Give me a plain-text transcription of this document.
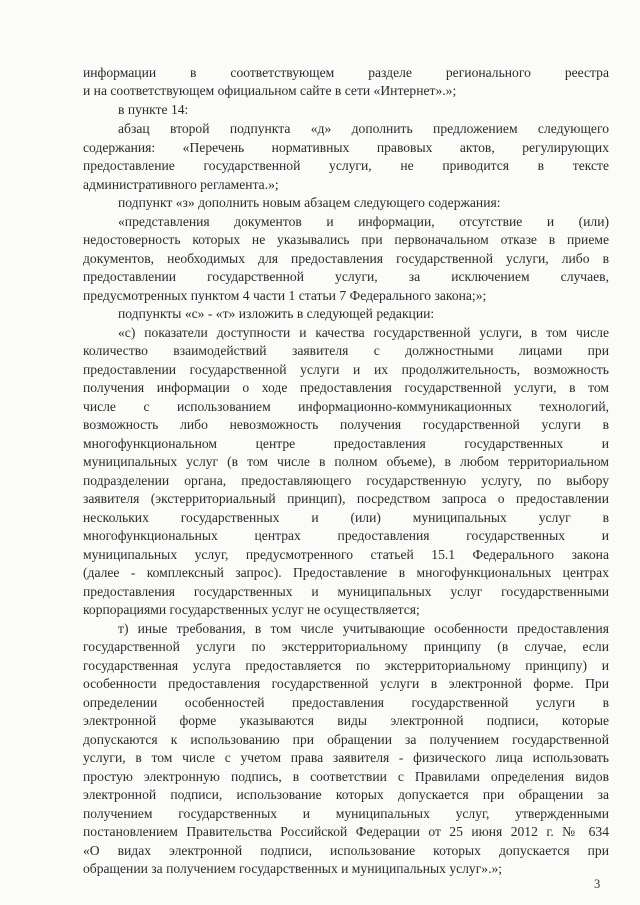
информации в соответствующем разделе регионального реестра
и на соответствующем официальном сайте в сети «Интернет».»;
в пункте 14:
абзац второй подпункта «д» дополнить предложением следующего
содержания: «Перечень нормативных правовых актов, регулирующих
предоставление государственной услуги, не приводится в тексте
административного регламента.»;
подпункт «з» дополнить новым абзацем следующего содержания:
«представления документов и информации, отсутствие и (или)
недостоверность которых не указывались при первоначальном отказе в приеме
документов, необходимых для предоставления государственной услуги, либо в
предоставлении государственной услуги, за исключением случаев,
предусмотренных пунктом 4 части 1 статьи 7 Федерального закона;»;
подпункты «с» - «т» изложить в следующей редакции:
«с) показатели доступности и качества государственной услуги, в том числе
количество взаимодействий заявителя с должностными лицами при
предоставлении государственной услуги и их продолжительность, возможность
получения информации о ходе предоставления государственной услуги, в том
числе с использованием информационно-коммуникационных технологий,
возможность либо невозможность получения государственной услуги в
многофункциональном центре предоставления государственных и
муниципальных услуг (в том числе в полном объеме), в любом территориальном
подразделении органа, предоставляющего государственную услугу, по выбору
заявителя (экстерриториальный принцип), посредством запроса о предоставлении
нескольких государственных и (или) муниципальных услуг в
многофункциональных центрах предоставления государственных и
муниципальных услуг, предусмотренного статьей 15.1 Федерального закона
(далее - комплексный запрос). Предоставление в многофункциональных центрах
предоставления государственных и муниципальных услуг государственными
корпорациями государственных услуг не осуществляется;
т) иные требования, в том числе учитывающие особенности предоставления
государственной услуги по экстерриториальному принципу (в случае, если
государственная услуга предоставляется по экстерриториальному принципу) и
особенности предоставления государственной услуги в электронной форме. При
определении особенностей предоставления государственной услуги в
электронной форме указываются виды электронной подписи, которые
допускаются к использованию при обращении за получением государственной
услуги, в том числе с учетом права заявителя - физического лица использовать
простую электронную подпись, в соответствии с Правилами определения видов
электронной подписи, использование которых допускается при обращении за
получением государственных и муниципальных услуг, утвержденными
постановлением Правительства Российской Федерации от 25 июня 2012 г. № 634
«О видах электронной подписи, использование которых допускается при
обращении за получением государственных и муниципальных услуг».»;
3
